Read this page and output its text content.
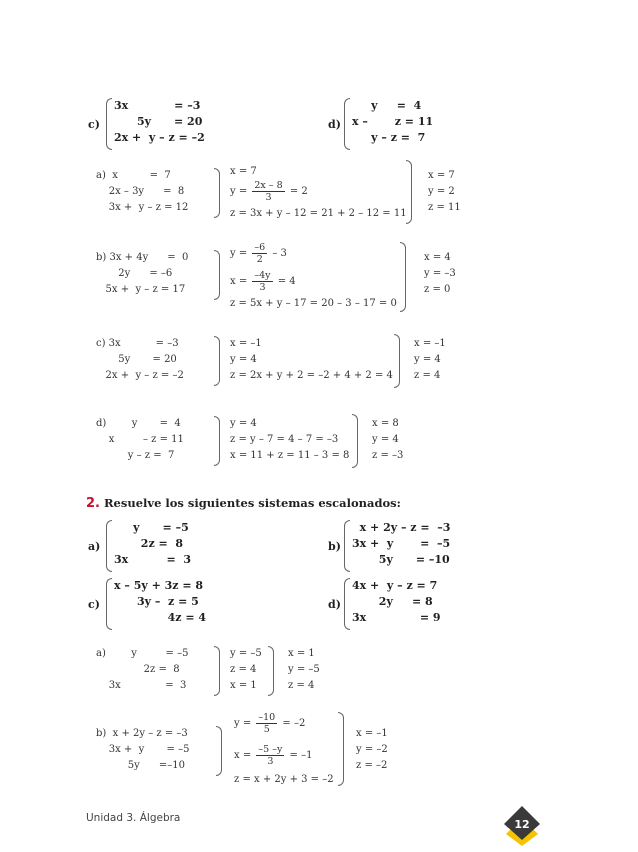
c)
3x            = –3
5y      = 20
2x +  y – z = –2
d)
y     =  4
x –       z = 11
y – z =  7
a)  x          =  7
2x – 3y      =  8
3x +  y – z = 12
x = 7
$y = \frac{2x - 8}{3} = 2$
z = 3x + y – 12 = 21 + 2 – 12 = 11
x = 7
y = 2
z = 11
b) 3x + 4y      =  0
2y      = –6
5x +  y – z = 17
$y = \frac{-6}{2} - 3$
$x = \frac{-4y}{3} = 4$
z = 5x + y – 17 = 20 – 3 – 17 = 0
x = 4
y = –3
z = 0
c) 3x           = –3
5y       = 20
2x +  y – z = –2
x = –1
y = 4
z = 2x + y + 2 = –2 + 4 + 2 = 4
x = –1
y = 4
z = 4
d)        y       =  4
x         – z = 11
y – z =  7
y = 4
z = y – 7 = 4 – 7 = –3
x = 11 + z = 11 – 3 = 8
x = 8
y = 4
z = –3
2. Resuelve los siguientes sistemas escalonados:
a)
y      = –5
2z =  8
3x          =  3
b)
x + 2y – z =  –3
3x +  y       =  –5
5y      = –10
c)
x – 5y + 3z = 8
3y –  z = 5
4z = 4
d)
4x +  y – z = 7
2y     = 8
3x              = 9
a)        y         = –5
2z =  8
3x              =  3
y = –5
z = 4
x = 1
x = 1
y = –5
z = 4
b)  x + 2y – z = –3
3x +  y       = –5
5y      =–10
$y = \frac{-10}{5} = -2$
$x = \frac{-5 -y}{3} = -1$
z = x + 2y + 3 = –2
x = –1
y = –2
z = –2
Unidad 3. Álgebra	12
